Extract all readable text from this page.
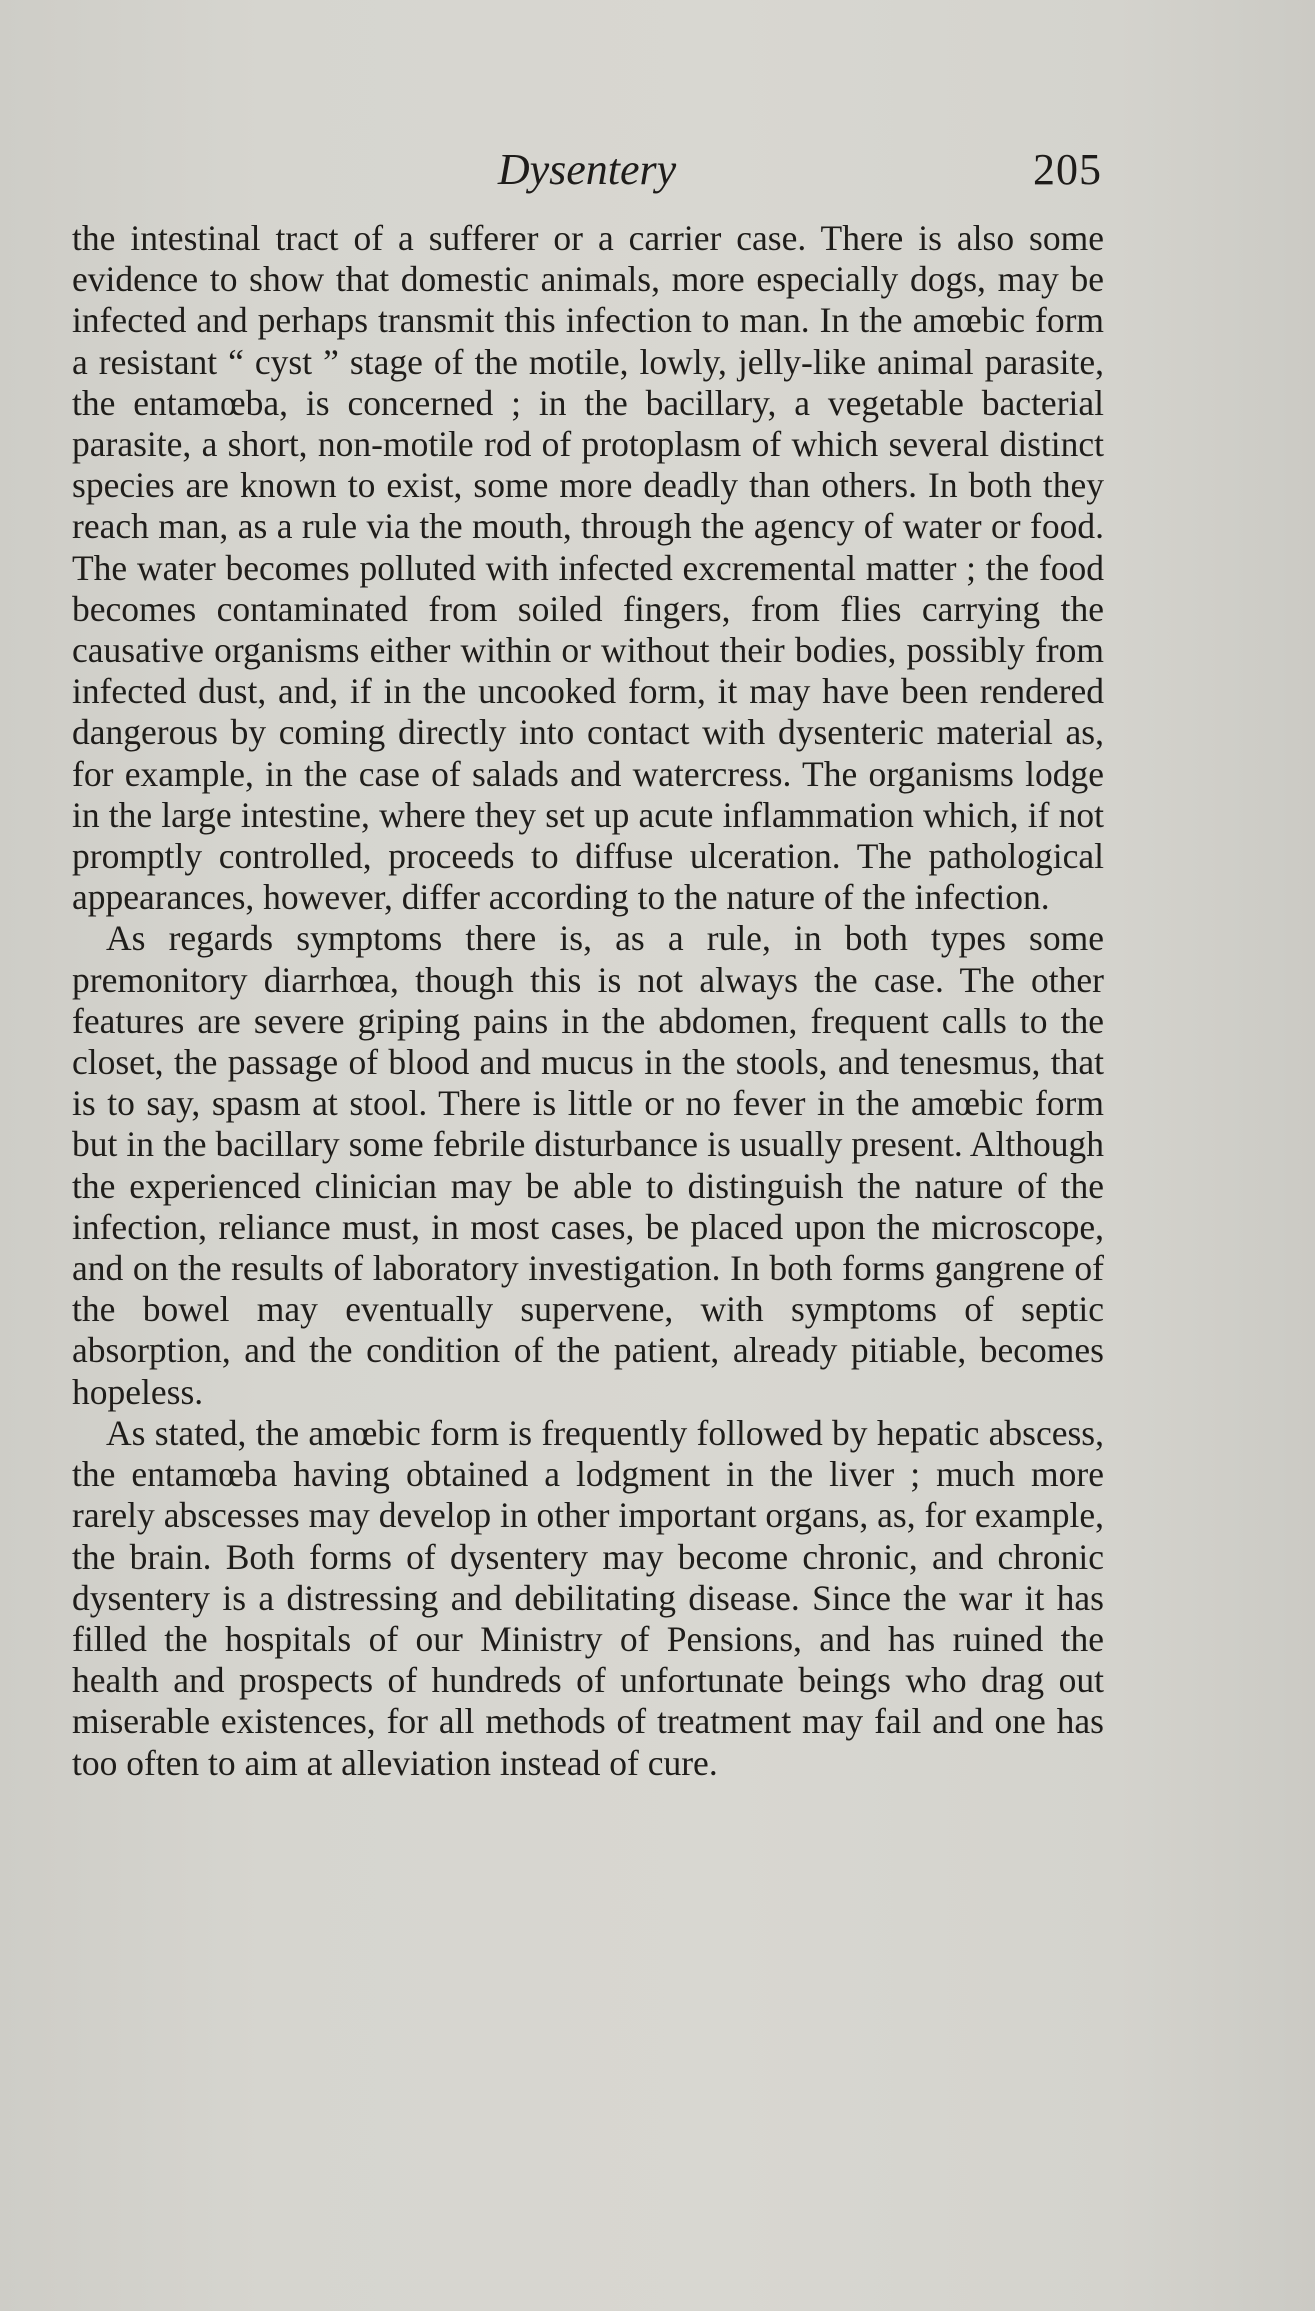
Dysentery	205

the intestinal tract of a sufferer or a carrier case. There is also some evidence to show that domestic animals, more especially dogs, may be infected and perhaps transmit this infection to man. In the amœbic form a resistant “ cyst ” stage of the motile, lowly, jelly-like animal parasite, the entamœba, is concerned ; in the bacillary, a vegetable bacterial parasite, a short, non-motile rod of protoplasm of which several distinct species are known to exist, some more deadly than others. In both they reach man, as a rule via the mouth, through the agency of water or food. The water becomes polluted with infected excremental matter ; the food becomes contaminated from soiled fingers, from flies carrying the causative organisms either within or without their bodies, possibly from infected dust, and, if in the uncooked form, it may have been rendered dangerous by coming directly into contact with dysenteric material as, for example, in the case of salads and watercress. The organisms lodge in the large intestine, where they set up acute inflammation which, if not promptly controlled, proceeds to diffuse ulceration. The pathological appearances, however, differ according to the nature of the infection.

As regards symptoms there is, as a rule, in both types some premonitory diarrhœa, though this is not always the case. The other features are severe griping pains in the abdomen, frequent calls to the closet, the passage of blood and mucus in the stools, and tenesmus, that is to say, spasm at stool. There is little or no fever in the amœbic form but in the bacillary some febrile disturbance is usually present. Although the experienced clinician may be able to distinguish the nature of the infection, reliance must, in most cases, be placed upon the microscope, and on the results of laboratory investigation. In both forms gangrene of the bowel may eventually supervene, with symptoms of septic absorption, and the condition of the patient, already pitiable, becomes hopeless.

As stated, the amœbic form is frequently followed by hepatic abscess, the entamœba having obtained a lodgment in the liver ; much more rarely abscesses may develop in other important organs, as, for example, the brain. Both forms of dysentery may become chronic, and chronic dysentery is a distressing and debilitating disease. Since the war it has filled the hospitals of our Ministry of Pensions, and has ruined the health and prospects of hundreds of unfortunate beings who drag out miserable existences, for all methods of treatment may fail and one has too often to aim at alleviation instead of cure.
